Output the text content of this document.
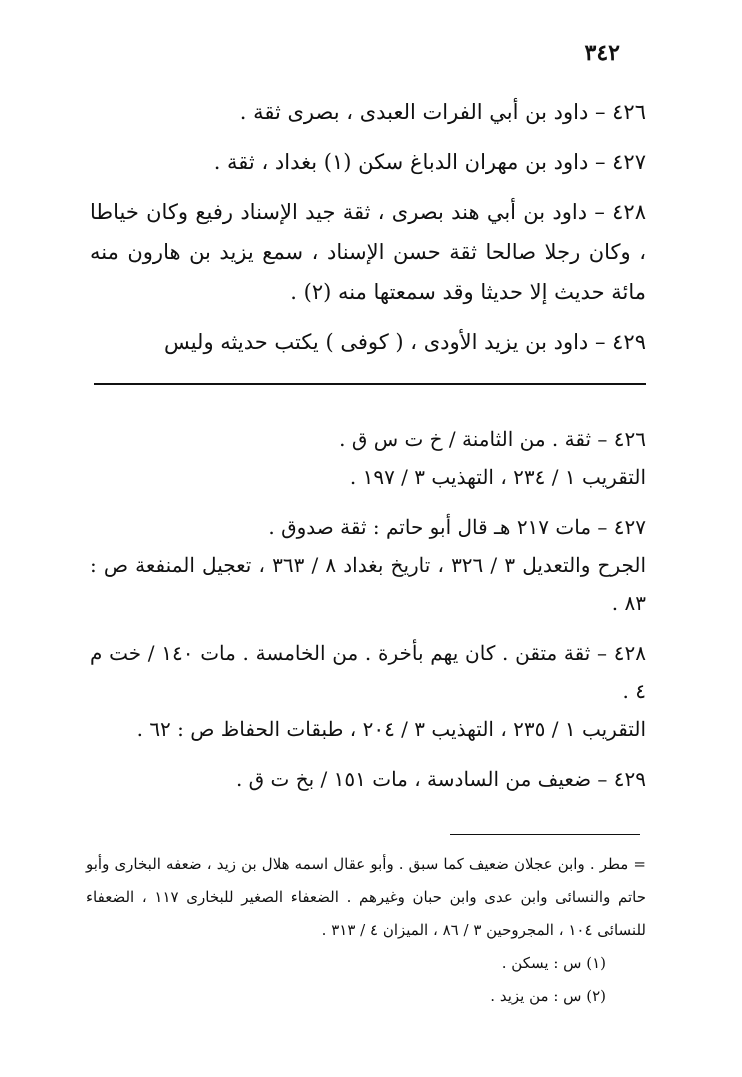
٣٤٢
٤٢٦ – داود بن أبي الفرات العبدى ، بصرى ثقة .
٤٢٧ – داود بن مهران الدباغ سكن (١) بغداد ، ثقة .
٤٢٨ – داود بن أبي هند بصرى ، ثقة جيد الإسناد رفيع وكان خياطا ، وكان رجلا صالحا ثقة حسن الإسناد ، سمع يزيد بن هارون منه مائة حديث إلا حديثا وقد سمعتها منه (٢) .
٤٢٩ – داود بن يزيد الأودى ، ( كوفى ) يكتب حديثه وليس
٤٢٦ – ثقة . من الثامنة / خ ت س ق .
التقريب ١ / ٢٣٤ ، التهذيب ٣ / ١٩٧ .
٤٢٧ – مات ٢١٧ هـ قال أبو حاتم : ثقة صدوق .
الجرح والتعديل ٣ / ٣٢٦ ، تاريخ بغداد ٨ / ٣٦٣ ، تعجيل المنفعة ص : ٨٣ .
٤٢٨ – ثقة متقن . كان يهم بأخرة . من الخامسة . مات ١٤٠ / خت م ٤ .
التقريب ١ / ٢٣٥ ، التهذيب ٣ / ٢٠٤ ، طبقات الحفاظ ص : ٦٢ .
٤٢٩ – ضعيف من السادسة ، مات ١٥١ / بخ ت ق .
= مطر . وابن عجلان ضعيف كما سبق . وأبو عقال اسمه هلال بن زيد ، ضعفه البخارى وأبو حاتم والنسائى وابن عدى وابن حبان وغيرهم . الضعفاء الصغير للبخارى ١١٧ ، الضعفاء للنسائى ١٠٤ ، المجروحين ٣ / ٨٦ ، الميزان ٤ / ٣١٣ .
(١) س : يسكن .
(٢) س : من يزيد .
